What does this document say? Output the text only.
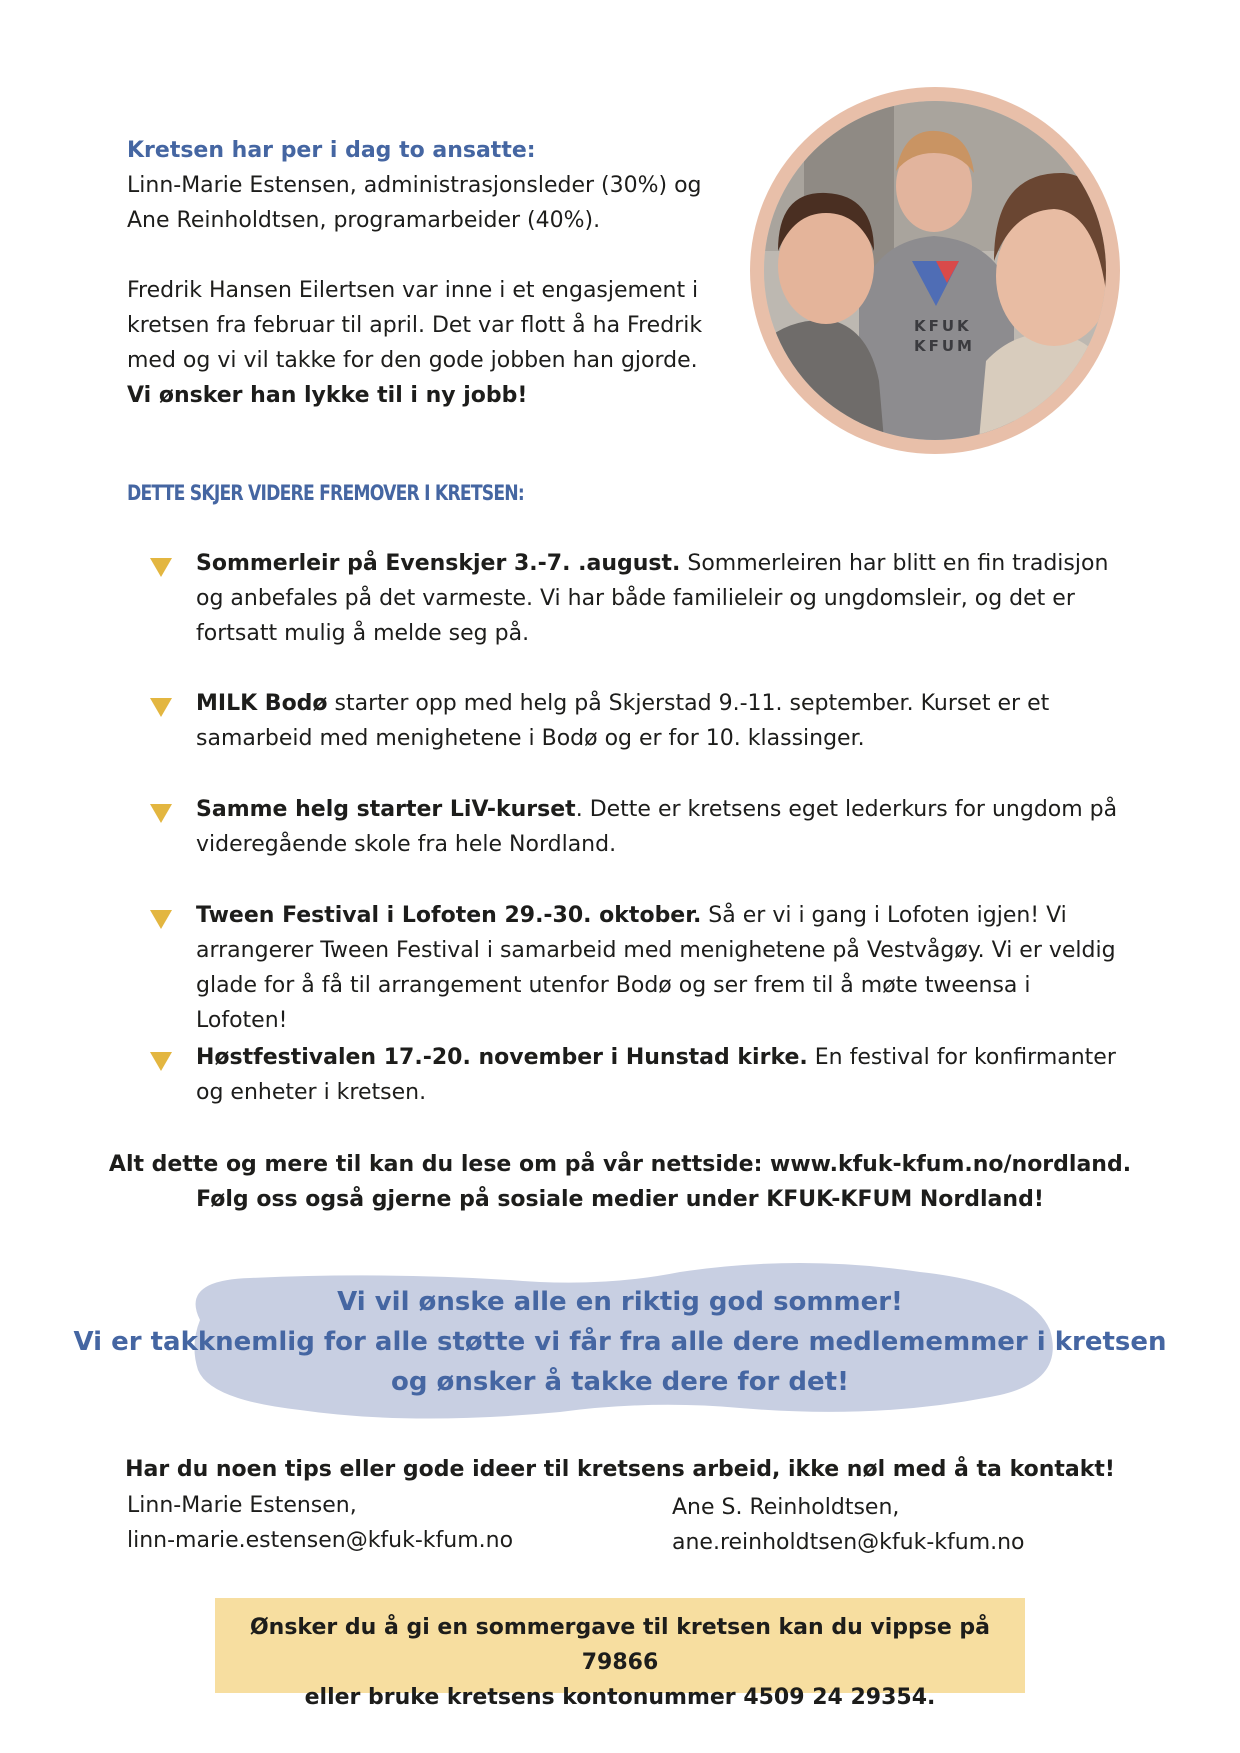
Kretsen har per i dag to ansatte:

Linn-Marie Estensen, administrasjonsleder (30%) og

Ane Reinholdtsen, programarbeider (40%).

Fredrik Hansen Eilertsen var inne i et engasjement i kretsen fra februar til april. Det var flott å ha Fredrik med og vi vil takke for den gode jobben han gjorde.
Vi ønsker han lykke til i ny jobb!

KFUK
KFUM

DETTE SKJER VIDERE FREMOVER I KRETSEN:

Sommerleir på Evenskjer 3.-7. .august. Sommerleiren har blitt en fin tradisjon og anbefales på det varmeste. Vi har både familieleir og ungdomsleir, og det er fortsatt mulig å melde seg på.

MILK Bodø starter opp med helg på Skjerstad 9.-11. september. Kurset er et samarbeid med menighetene i Bodø og er for 10. klassinger.

Samme helg starter LiV-kurset. Dette er kretsens eget lederkurs for ungdom på videregående skole fra hele Nordland.

Tween Festival i Lofoten 29.-30. oktober. Så er vi i gang i Lofoten igjen! Vi arrangerer Tween Festival i samarbeid med menighetene på Vestvågøy. Vi er veldig glade for å få til arrangement utenfor Bodø og ser frem til å møte tweensa i Lofoten!

Høstfestivalen 17.-20. november i Hunstad kirke. En festival for konfirmanter og enheter i kretsen.

Alt dette og mere til kan du lese om på vår nettside: www.kfuk-kfum.no/nordland.

Følg oss også gjerne på sosiale medier under KFUK-KFUM Nordland!

Vi vil ønske alle en riktig god sommer!
Vi er takknemlig for alle støtte vi får fra alle dere medlememmer i kretsen
og ønsker å takke dere for det!

Har du noen tips eller gode ideer til kretsens arbeid, ikke nøl med å ta kontakt!

Linn-Marie Estensen,

linn-marie.estensen@kfuk-kfum.no

Ane S. Reinholdtsen,

ane.reinholdtsen@kfuk-kfum.no

Ønsker du å gi en sommergave til kretsen kan du vippse på 79866

eller bruke kretsens kontonummer 4509 24 29354.
